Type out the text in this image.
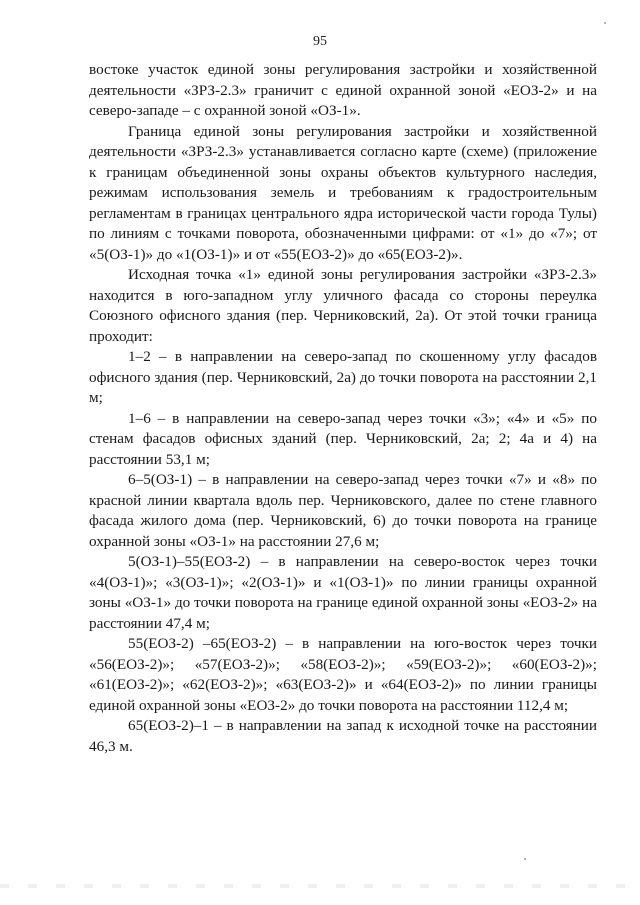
95

востоке участок единой зоны регулирования застройки и хозяйственной деятельности «ЗРЗ-2.3» граничит с единой охранной зоной «ЕОЗ-2» и на северо-западе – с охранной зоной «ОЗ-1».

Граница единой зоны регулирования застройки и хозяйственной деятельности «ЗРЗ-2.3» устанавливается согласно карте (схеме) (приложение к границам объединенной зоны охраны объектов культурного наследия, режимам использования земель и требованиям к градостроительным регламентам в границах центрального ядра исторической части города Тулы) по линиям с точками поворота, обозначенными цифрами: от «1» до «7»; от «5(ОЗ-1)» до «1(ОЗ-1)» и от «55(ЕОЗ-2)» до «65(ЕОЗ-2)».

Исходная точка «1» единой зоны регулирования застройки «ЗРЗ-2.3» находится в юго-западном углу уличного фасада со стороны переулка Союзного офисного здания (пер. Черниковский, 2а). От этой точки граница проходит:

1–2 – в направлении на северо-запад по скошенному углу фасадов офисного здания (пер. Черниковский, 2а) до точки поворота на расстоянии 2,1 м;

1–6 – в направлении на северо-запад через точки «3»; «4» и «5» по стенам фасадов офисных зданий (пер. Черниковский, 2а; 2; 4а и 4) на расстоянии 53,1 м;

6–5(ОЗ-1) – в направлении на северо-запад через точки «7» и «8» по красной линии квартала вдоль пер. Черниковского, далее по стене главного фасада жилого дома (пер. Черниковский, 6) до точки поворота на границе охранной зоны «ОЗ-1» на расстоянии 27,6 м;

5(ОЗ-1)–55(ЕОЗ-2) – в направлении на северо-восток через точки «4(ОЗ-1)»; «3(ОЗ-1)»; «2(ОЗ-1)» и «1(ОЗ-1)» по линии границы охранной зоны «ОЗ-1» до точки поворота на границе единой охранной зоны «ЕОЗ-2» на расстоянии 47,4 м;

55(ЕОЗ-2) –65(ЕОЗ-2) – в направлении на юго-восток через точки «56(ЕОЗ-2)»; «57(ЕОЗ-2)»; «58(ЕОЗ-2)»; «59(ЕОЗ-2)»; «60(ЕОЗ-2)»; «61(ЕОЗ-2)»; «62(ЕОЗ-2)»; «63(ЕОЗ-2)» и «64(ЕОЗ-2)» по линии границы единой охранной зоны «ЕОЗ-2» до точки поворота на расстоянии 112,4 м;

65(ЕОЗ-2)–1 – в направлении на запад к исходной точке на расстоянии 46,3 м.
